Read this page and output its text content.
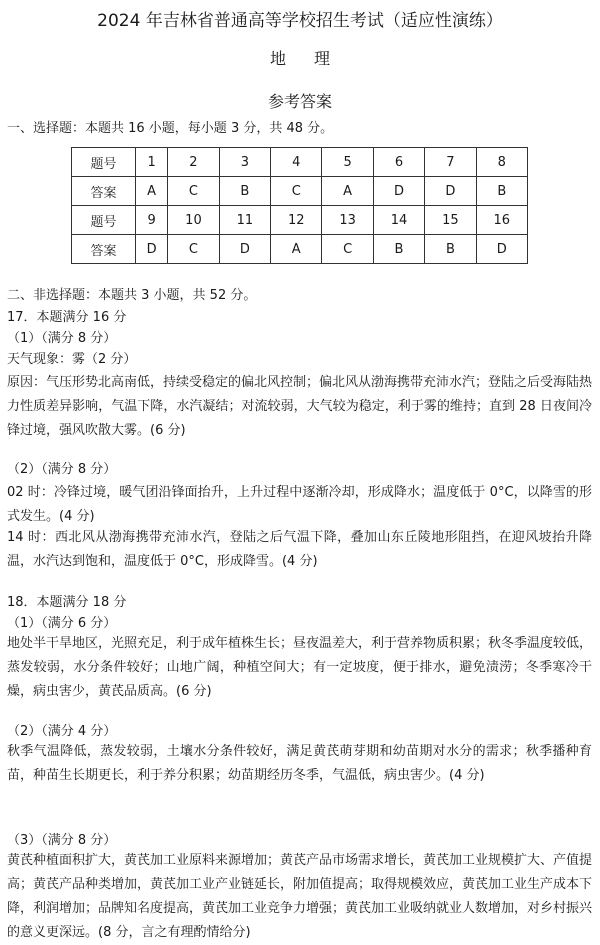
2024 年吉林省普通高等学校招生考试（适应性演练）
地理
参考答案
一、选择题：本题共 16 小题，每小题 3 分，共 48 分。
题号	1	2	3	4	5	6	7	8
答案	A	C	B	C	A	D	D	B
题号	9	10	11	12	13	14	15	16
答案	D	C	D	A	C	B	B	D
二、非选择题：本题共 3 小题，共 52 分。
17．本题满分 16 分
（1）（满分 8 分）
天气现象：雾（2 分）
原因：气压形势北高南低，持续受稳定的偏北风控制；偏北风从渤海携带充沛水汽；登陆之后受海陆热力性质差异影响，气温下降，水汽凝结；对流较弱，大气较为稳定，利于雾的维持；直到 28 日夜间冷锋过境，强风吹散大雾。(6 分)
（2）（满分 8 分）
02 时：冷锋过境，暖气团沿锋面抬升，上升过程中逐渐冷却，形成降水；温度低于 0°C，以降雪的形式发生。(4 分)
14 时：西北风从渤海携带充沛水汽，登陆之后气温下降，叠加山东丘陵地形阻挡，在迎风坡抬升降温，水汽达到饱和，温度低于 0°C，形成降雪。(4 分)
18．本题满分 18 分
（1）（满分 6 分）
地处半干旱地区，光照充足，利于成年植株生长；昼夜温差大，利于营养物质积累；秋冬季温度较低，蒸发较弱，水分条件较好；山地广阔，种植空间大；有一定坡度，便于排水，避免渍涝；冬季寒冷干燥，病虫害少，黄芪品质高。(6 分)
（2）（满分 4 分）
秋季气温降低，蒸发较弱，土壤水分条件较好，满足黄芪萌芽期和幼苗期对水分的需求；秋季播种育苗，种苗生长期更长，利于养分积累；幼苗期经历冬季，气温低，病虫害少。(4 分)
（3）（满分 8 分）
黄芪种植面积扩大，黄芪加工业原料来源增加；黄芪产品市场需求增长，黄芪加工业规模扩大、产值提高；黄芪产品种类增加，黄芪加工业产业链延长，附加值提高；取得规模效应，黄芪加工业生产成本下降，利润增加；品牌知名度提高，黄芪加工业竞争力增强；黄芪加工业吸纳就业人数增加，对乡村振兴的意义更深远。(8 分，言之有理酌情给分)
